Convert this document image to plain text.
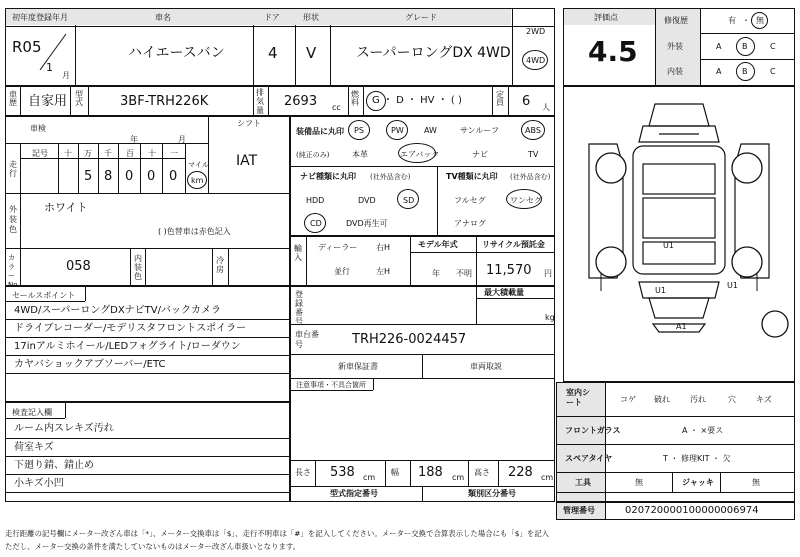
初年度登録年月	車名	ドア	形状	グレード
R05
1
月
ハイエースバン	4 V	スーパーロングDX 4WD
2WD
4WD
評価点
4.5
修復歴	有 ・ 無
外装	A	B	C
内装	A	B	C
車歴 自家用 型式	3BF-TRH226K
排気量
2693 cc
燃料 G ・ D ・ HV ・ ( )
定員 6 人
車検
年	月
走行
記号 十 万 千 百 十 一
5 8 0 0 0
マイル
km
シフト
IAT
外装色
ホワイト
( )色替車は赤色記入
カラーNo.
058
内装色
冷房
装備品に丸印
(純正のみ)
PS	PW	AW	サンルーフ	ABS
本革	エアバック	ナビ	TV
ナビ種類に丸印 (社外品含む)	TV種類に丸印 (社外品含む)
HDD	DVD	SD
CD	DVD再生可
フルセグ	ワンセグ
アナログ
輸入
ディーラー
並行
右H
左H
モデル年式
年 不明
リサイクル預託金
11,570 円
セールスポイント
4WD/スーパーロングDXナビTV/バックカメラ
ドライブレコーダー/モデリスタフロントスポイラー
17inアルミホイール/LEDフォグライト/ローダウン
カヤバショックアブソーバー/ETC
検査記入欄
ルーム内スレキズ汚れ
荷室キズ
下廻り錆、錆止め
小キズ小凹
登録番号
最大積載量
kg
車台番号	TRH226-0024457
新車保証書	車両取説
注意事項・不具合箇所
長さ 538 cm
幅 188 cm
高さ 228 cm
型式指定番号	類別区分番号
U1
U1
A1
U1
室内シート	コゲ 破れ	汚れ	穴	キズ
フロントガラス	A ・ ×要ス
スペアタイヤ	T ・ 修理KIT ・ 欠
工具	無	ジャッキ	無
管理番号	020720000100000006974
走行距離の記号欄にメーター改ざん車は「*」、メーター交換車は「$」、走行不明車は「#」を記入してください。メーター交換で合算表示した場合にも「$」を記入
ただし、メーター交換の条件を満たしていないものはメーター改ざん車扱いとなります。
